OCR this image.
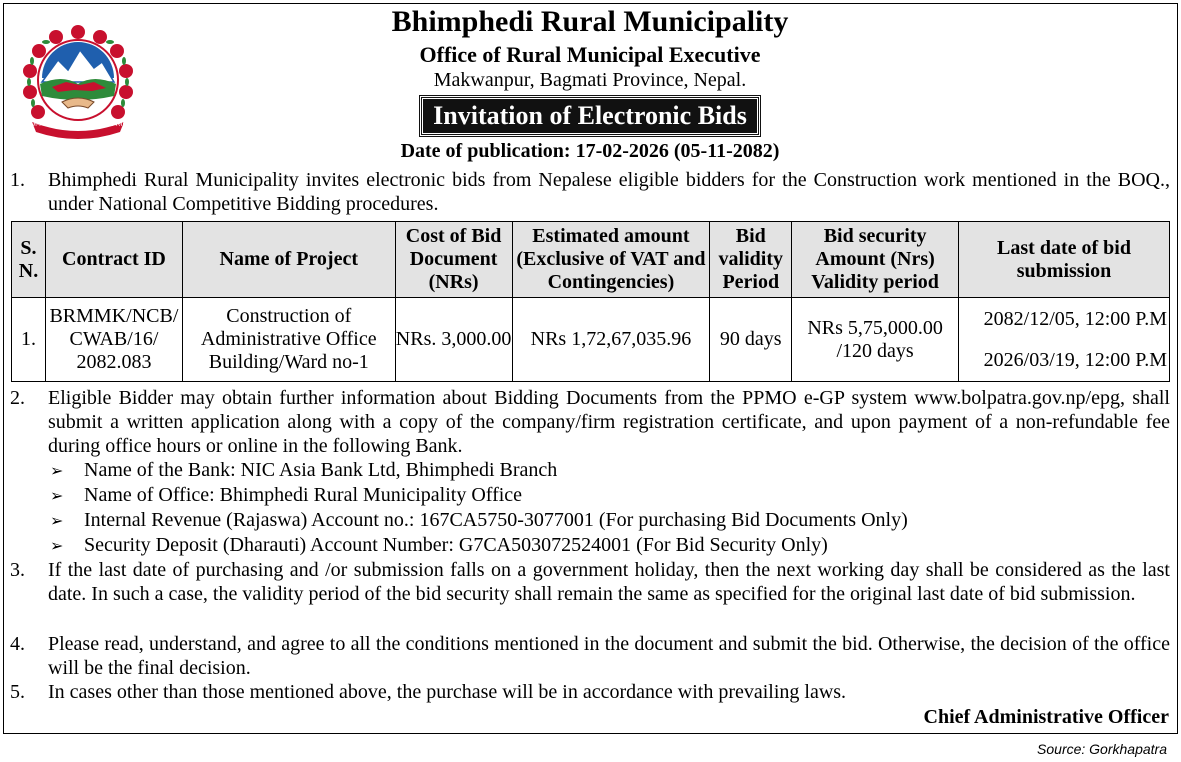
जननी जन्मभूमिश्च स्वर्गादपि गरीयसी
Bhimphedi Rural Municipality
Office of Rural Municipal Executive
Makwanpur, Bagmati Province, Nepal.
Invitation of Electronic Bids
Date of publication: 17-02-2026 (05-11-2082)
1.	Bhimphedi Rural Municipality invites electronic bids from Nepalese eligible bidders for the Construction work mentioned in the BOQ., under National Competitive Bidding procedures.
S. N.	Contract ID	Name of Project	Cost of Bid Document (NRs)	Estimated amount (Exclusive of VAT and Contingencies)	Bid validity Period	Bid security Amount (Nrs) Validity period	Last date of bid submission
1.	BRMMK/NCB/ CWAB/16/ 2082.083	Construction of Administrative Office Building/Ward no-1	NRs. 3,000.00	NRs 1,72,67,035.96	90 days	NRs 5,75,000.00 /120 days	2082/12/05, 12:00 P.M
2026/03/19, 12:00 P.M
2.	Eligible Bidder may obtain further information about Bidding Documents from the PPMO e-GP system www.bolpatra.gov.np/epg, shall submit a written application along with a copy of the company/firm registration certificate, and upon payment of a non-refundable fee during office hours or online in the following Bank.
➢ Name of the Bank: NIC Asia Bank Ltd, Bhimphedi Branch
➢ Name of Office: Bhimphedi Rural Municipality Office
➢ Internal Revenue (Rajaswa) Account no.: 167CA5750-3077001 (For purchasing Bid Documents Only)
➢ Security Deposit (Dharauti) Account Number: G7CA503072524001 (For Bid Security Only)
3.	If the last date of purchasing and /or submission falls on a government holiday, then the next working day shall be considered as the last date. In such a case, the validity period of the bid security shall remain the same as specified for the original last date of bid submission.
4.	Please read, understand, and agree to all the conditions mentioned in the document and submit the bid. Otherwise, the decision of the office will be the final decision.
5.	In cases other than those mentioned above, the purchase will be in accordance with prevailing laws.
Chief Administrative Officer
Source: Gorkhapatra
